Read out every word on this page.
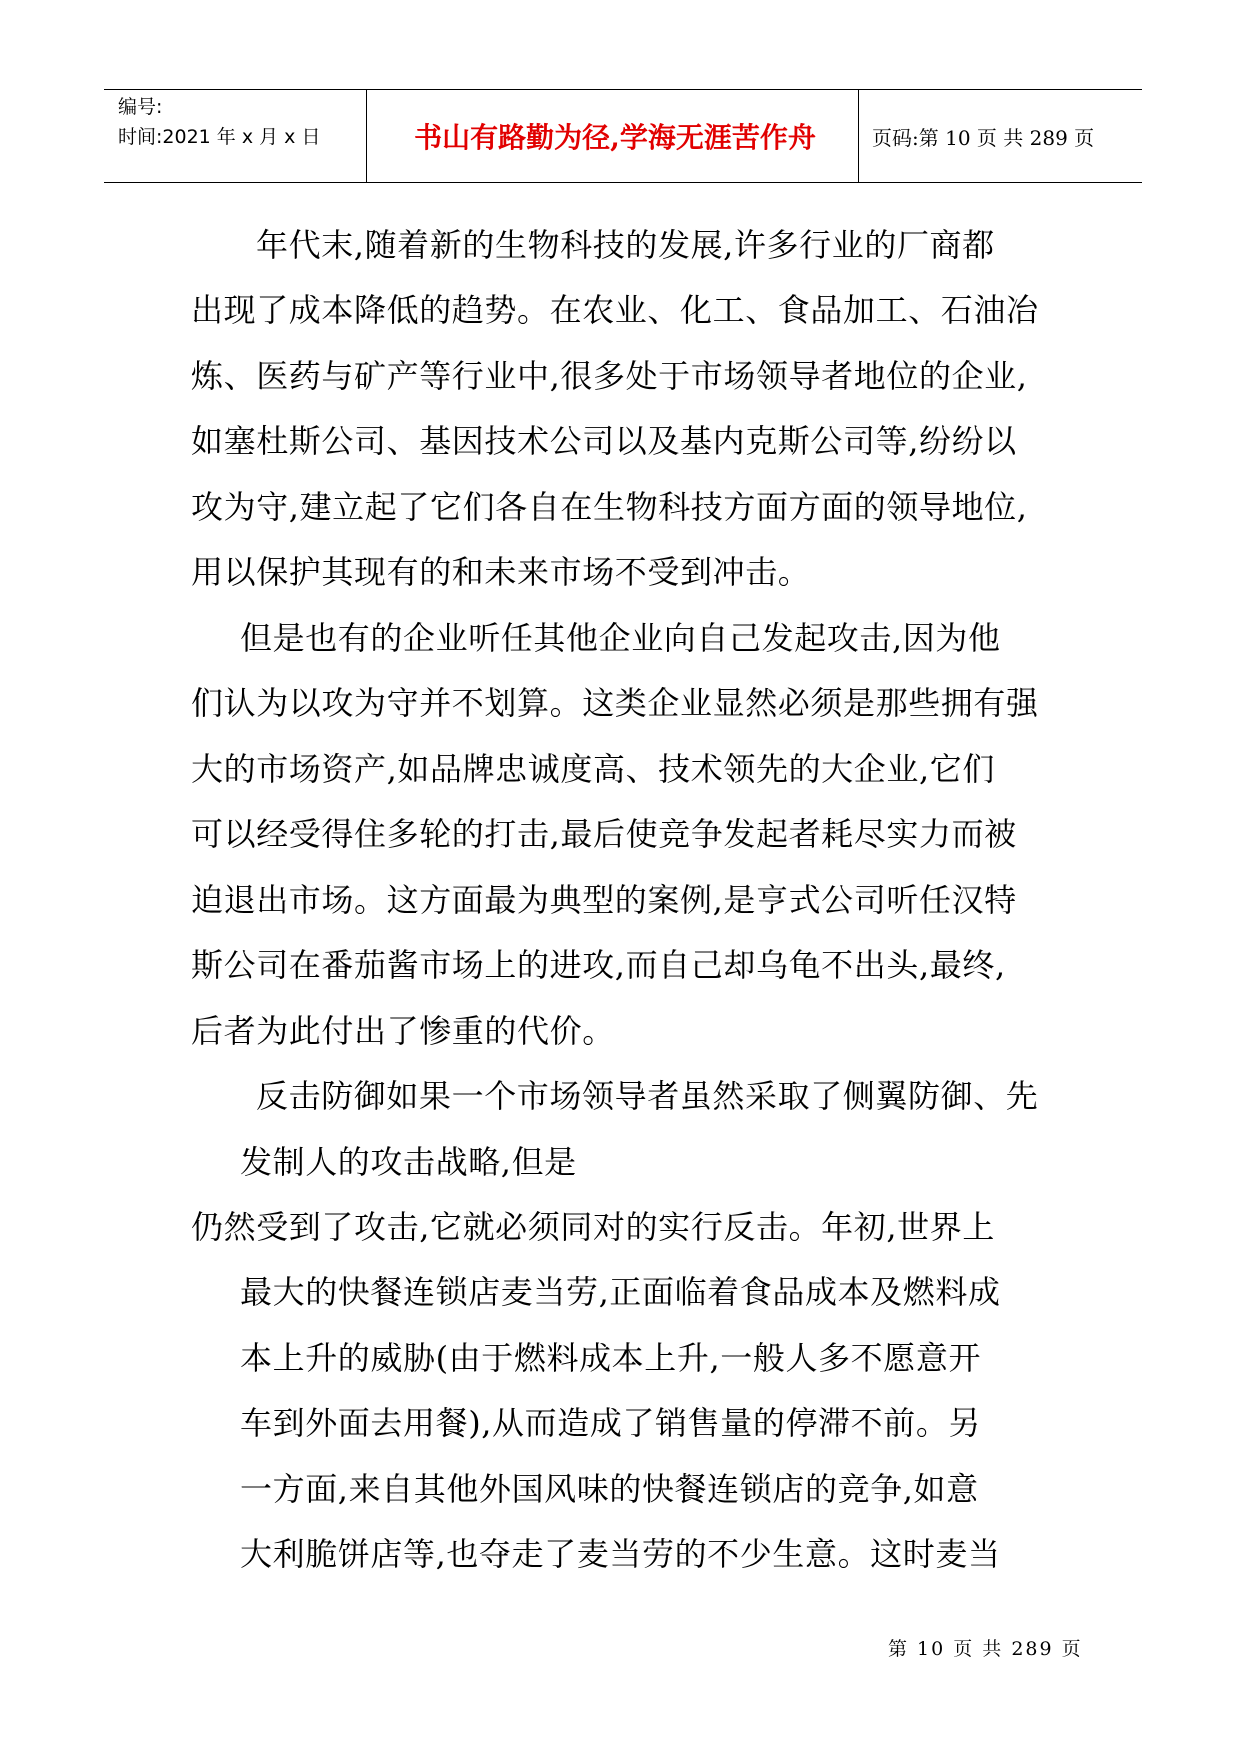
编号:
时间:2021 年 x 月 x 日	书山有路勤为径,学海无涯苦作舟	页码:第 10 页 共 289 页
年代末,随着新的生物科技的发展,许多行业的厂商都
出现了成本降低的趋势。在农业、化工、食品加工、石油冶
炼、医药与矿产等行业中,很多处于市场领导者地位的企业,
如塞杜斯公司、基因技术公司以及基内克斯公司等,纷纷以
攻为守,建立起了它们各自在生物科技方面方面的领导地位,
用以保护其现有的和未来市场不受到冲击。
但是也有的企业听任其他企业向自己发起攻击,因为他
们认为以攻为守并不划算。这类企业显然必须是那些拥有强
大的市场资产,如品牌忠诚度高、技术领先的大企业,它们
可以经受得住多轮的打击,最后使竞争发起者耗尽实力而被
迫退出市场。这方面最为典型的案例,是亨式公司听任汉特
斯公司在番茄酱市场上的进攻,而自己却乌龟不出头,最终,
后者为此付出了惨重的代价。
反击防御如果一个市场领导者虽然采取了侧翼防御、先
发制人的攻击战略,但是
仍然受到了攻击,它就必须同对的实行反击。年初,世界上
最大的快餐连锁店麦当劳,正面临着食品成本及燃料成
本上升的威胁(由于燃料成本上升,一般人多不愿意开
车到外面去用餐),从而造成了销售量的停滞不前。另
一方面,来自其他外国风味的快餐连锁店的竞争,如意
大利脆饼店等,也夺走了麦当劳的不少生意。这时麦当
第 10 页 共 289 页
